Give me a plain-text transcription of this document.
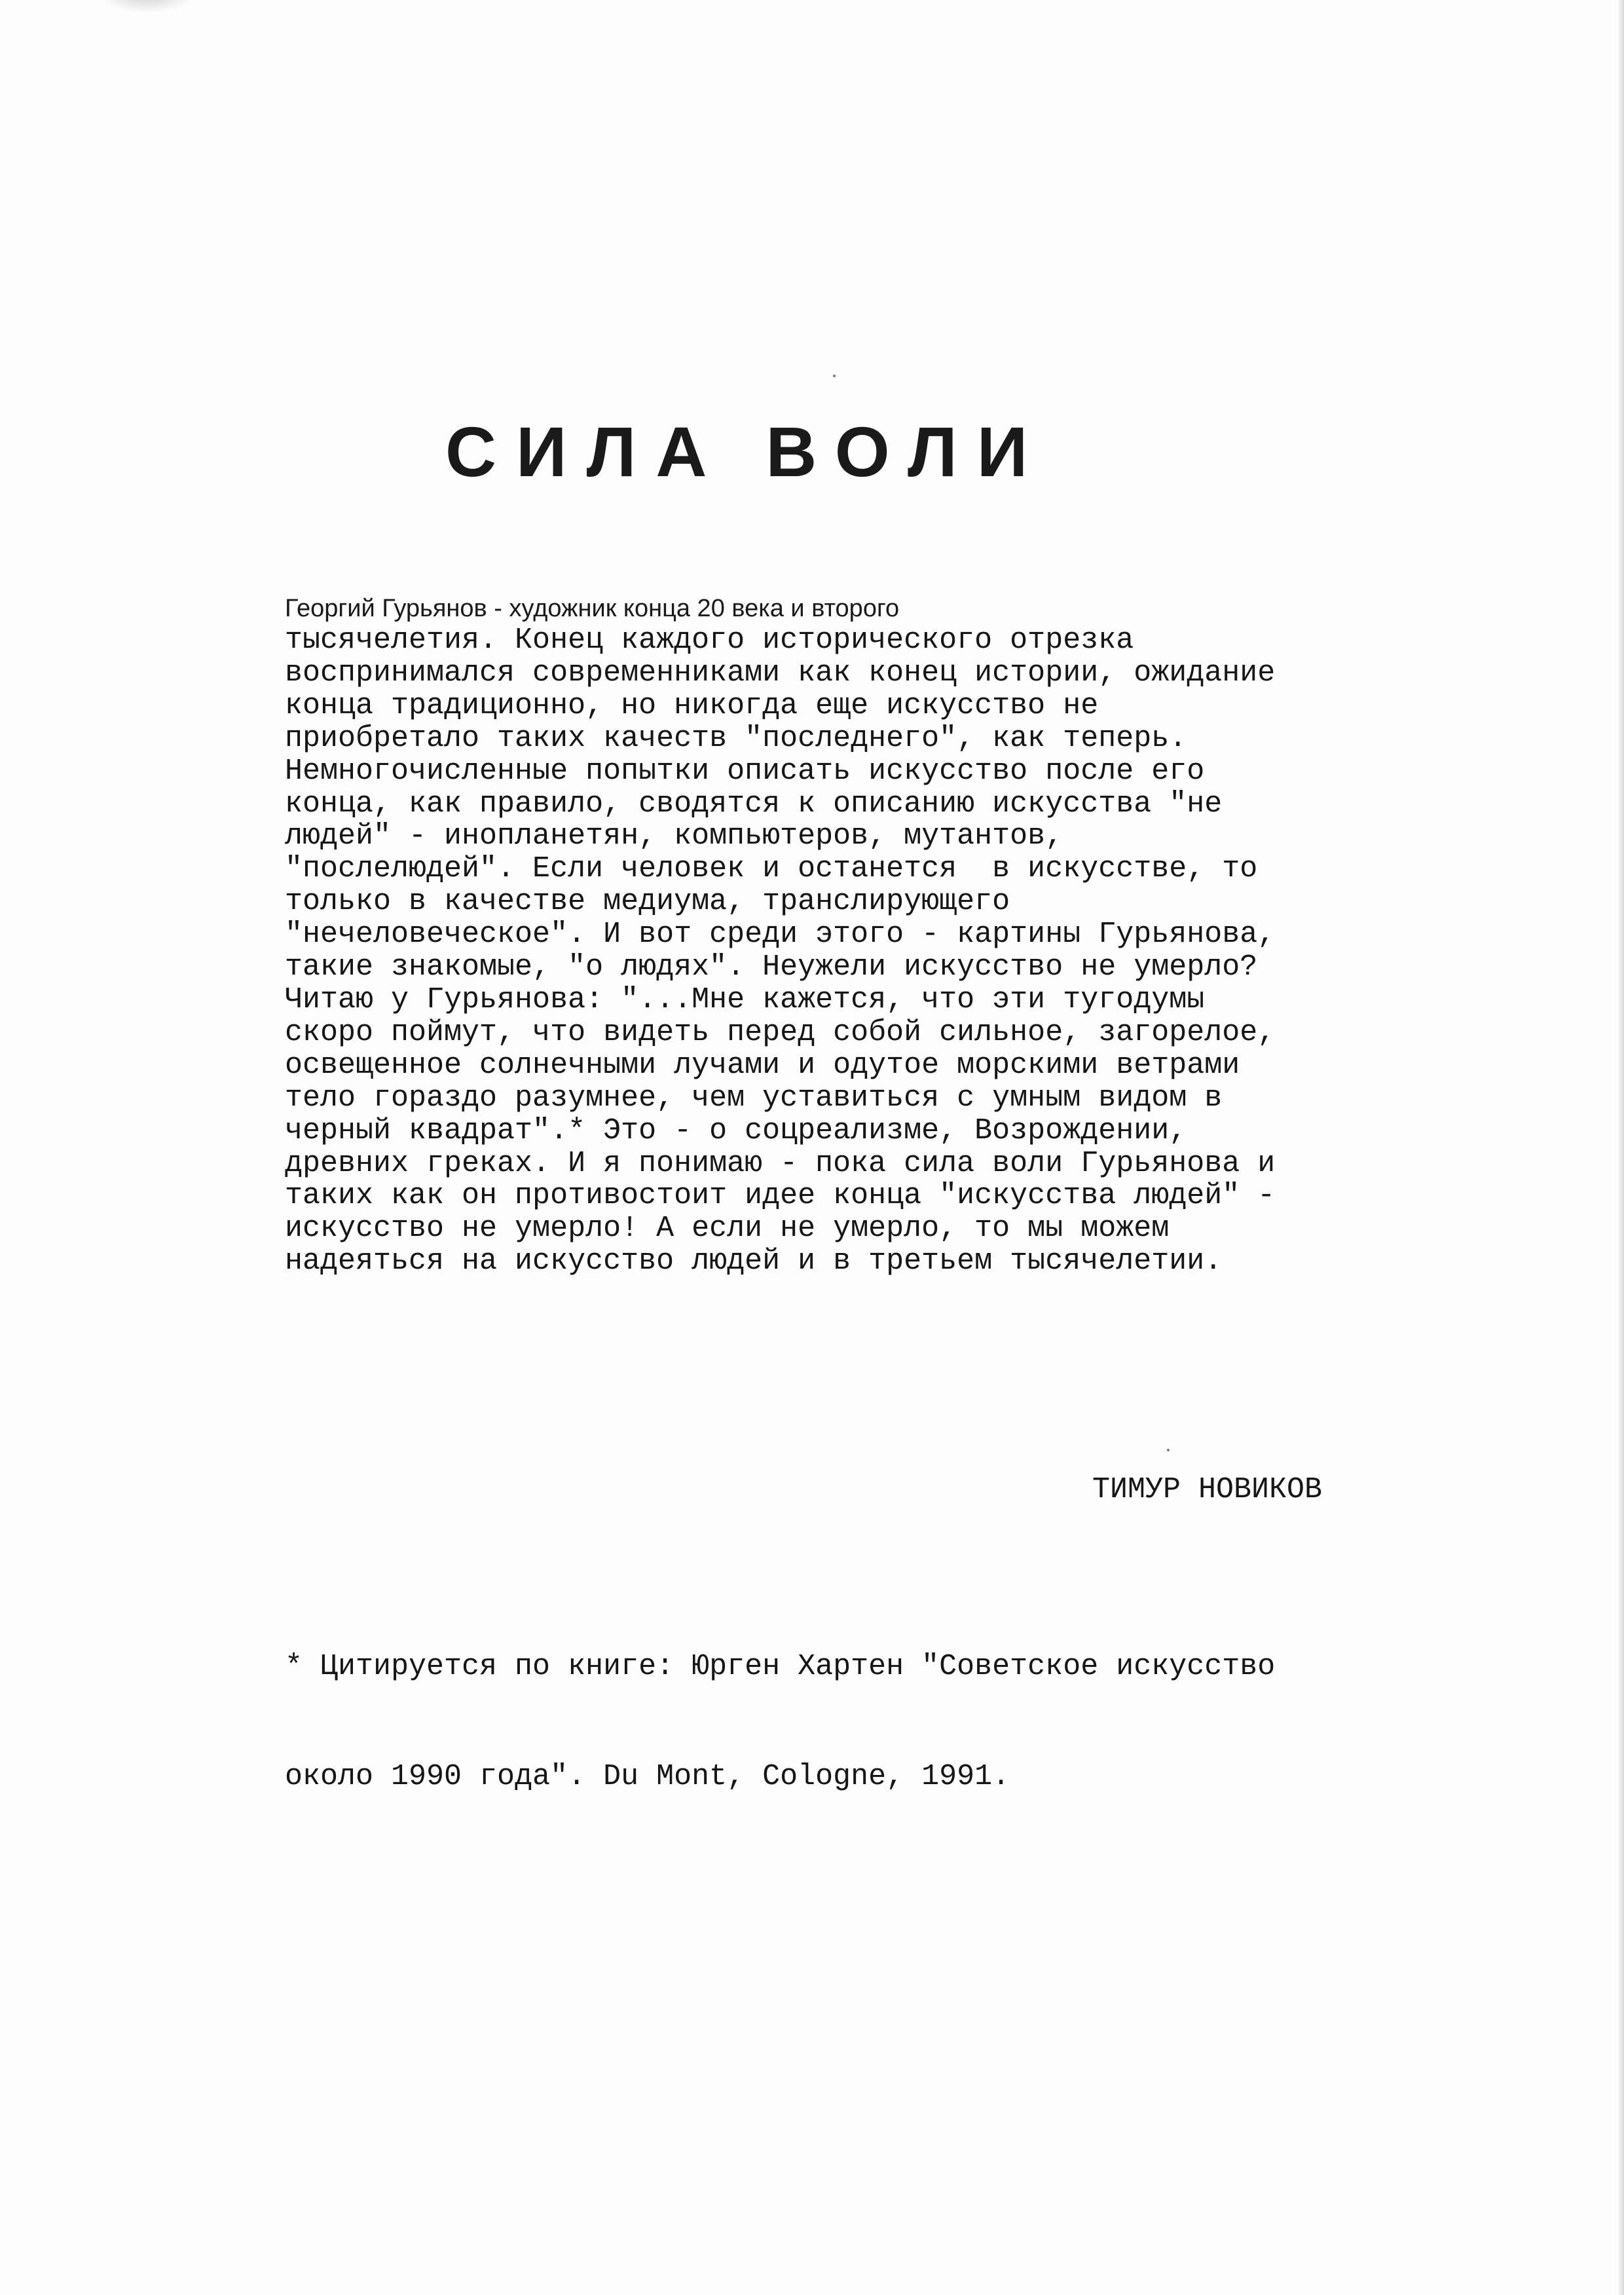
СИЛА ВОЛИ

Георгий Гурьянов - художник конца 20 века и второго

тысячелетия. Конец каждого исторического отрезка

воспринимался современниками как конец истории, ожидание

конца традиционно, но никогда еще искусство не

приобретало таких качеств "последнего", как теперь.

Немногочисленные попытки описать искусство после его

конца, как правило, сводятся к описанию искусства "не

людей" - инопланетян, компьютеров, мутантов,

"послелюдей". Если человек и останется  в искусстве, то

только в качестве медиума, транслирующего

"нечеловеческое". И вот среди этого - картины Гурьянова,

такие знакомые, "о людях". Неужели искусство не умерло?

Читаю у Гурьянова: "...Мне кажется, что эти тугодумы

скоро поймут, что видеть перед собой сильное, загорелое,

освещенное солнечными лучами и одутое морскими ветрами

тело гораздо разумнее, чем уставиться с умным видом в

черный квадрат".* Это - о соцреализме, Возрождении,

древних греках. И я понимаю - пока сила воли Гурьянова и

таких как он противостоит идее конца "искусства людей" -

искусство не умерло! А если не умерло, то мы можем

надеяться на искусство людей и в третьем тысячелетии.

ТИМУР НОВИКОВ

* Цитируется по книге: Юрген Хартен "Советское искусство

около 1990 года". Du Mont, Cologne, 1991.
